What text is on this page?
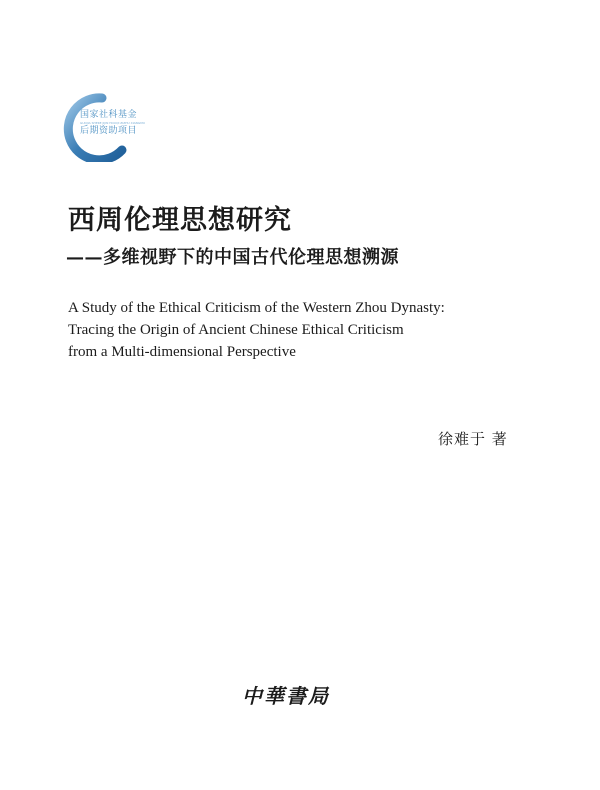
国家社科基金
GUOJIA SHEKE JIJIN HOUQI ZIZHU XIANGMU
后期资助项目
西周伦理思想研究
——多维视野下的中国古代伦理思想溯源
A Study of the Ethical Criticism of the Western Zhou Dynasty:
Tracing the Origin of Ancient Chinese Ethical Criticism
from a Multi-dimensional Perspective
徐难于 著
中華書局
